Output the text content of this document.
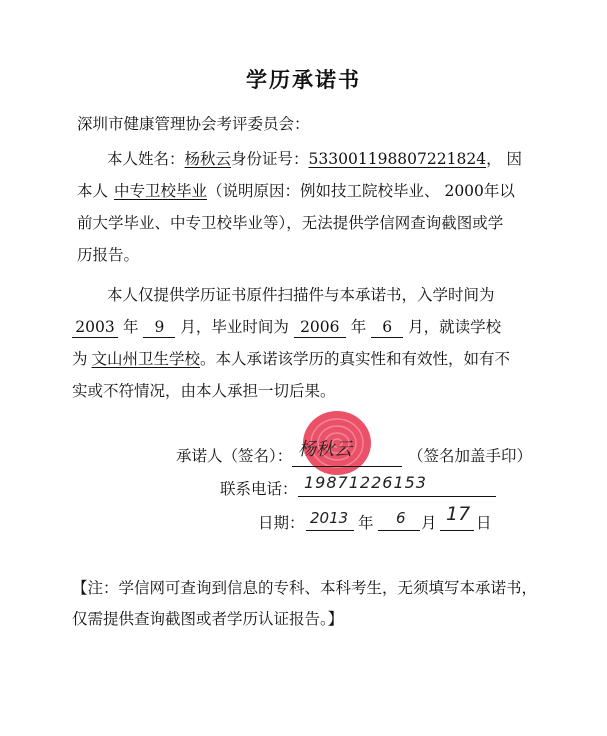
学历承诺书
深圳市健康管理协会考评委员会：
本人姓名：杨秋云身份证号：533001198807221824， 因
本人 中专卫校毕业（说明原因：例如技工院校毕业、 2000年以
前大学毕业、中专卫校毕业等），无法提供学信网查询截图或学
历报告。
本人仅提供学历证书原件扫描件与本承诺书，入学时间为
2003 年 9 月，毕业时间为 2006 年 6 月，就读学校
为 文山州卫生学校。本人承诺该学历的真实性和有效性，如有不
实或不符情况，由本人承担一切后果。
承诺人（签名）： 杨秋云	（签名加盖手印）
联系电话： 19871226153
日期： 2013 年 6 月 17 日
【注：学信网可查询到信息的专科、本科考生，无须填写本承诺书，
仅需提供查询截图或者学历认证报告。】
